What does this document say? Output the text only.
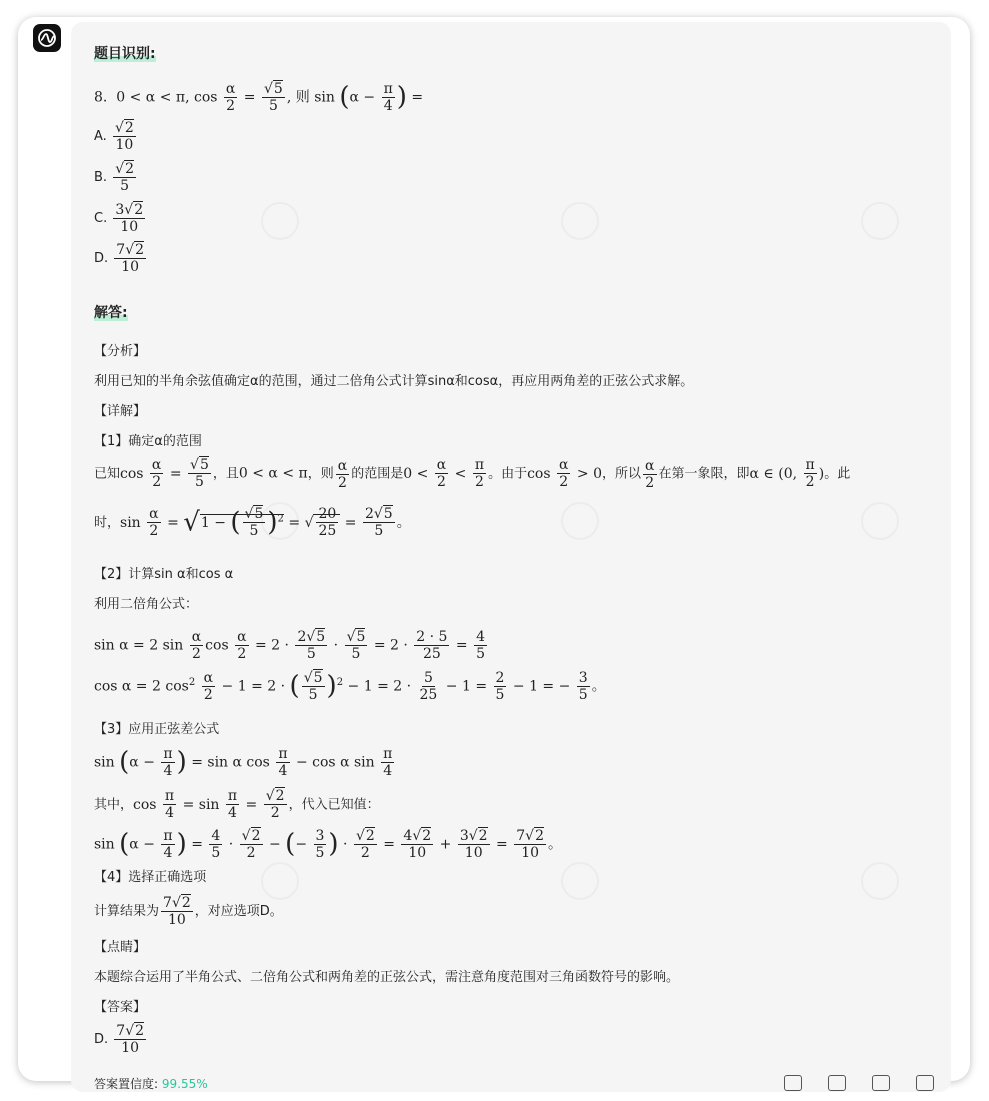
题目识别:
8.  0 < α < π, $\cos \frac{\alpha}{2} = \frac{√5}{5}$ , 则 $\sin (\alpha - \frac{\pi}{4}$ ) =
A. $\frac{√2}{10}$
B. $\frac{√2}{5}$
C. $\frac{3√2}{10}$
D. $\frac{7√2}{10}$
解答:
【分析】
利用已知的半角余弦值确定α的范围，通过二倍角公式计算sinα和cosα，再应用两角差的正弦公式求解。
【详解】
【1】确定α的范围
已知$\cos \frac{\alpha}{2} = \frac{√5}{5}$ ，且0 < α < π，则 $\frac{\alpha}{2}$ 的范围是$0 < \frac{\alpha}{2} < \frac{\pi}{2}$ 。由于$\cos \frac{\alpha}{2} > 0$，所以 $\frac{\alpha}{2}$ 在第一象限，即α ∈ (0, $\frac{\pi}{2}$ )。此
时，$\sin \frac{\alpha}{2} = √1$ − ( $\frac{√5}{5} )^2$ = √ $\frac{20}{25} = \frac{2√5}{5}$ 。
【2】计算sin α和cos α
利用二倍角公式：
sin α = 2 $\sin \frac{\alpha}{2}$ $\cos \frac{\alpha}{2} = 2 \cdot \frac{2√5}{5} \cdot \frac{√5}{5} = 2 \cdot \frac{2 \cdot 5}{25} = \frac{4}{5}$
cos α = 2 $\cos^2 \frac{\alpha}{2} - 1 = 2$ · ( $\frac{√5}{5} )^2 - 1 = 2 \cdot \frac{5}{25} - 1 = \frac{2}{5} - 1$ = − $\frac{3}{5}$ 。
【3】应用正弦差公式
$\sin (\alpha - \frac{\pi}{4}$ ) = sin α $\cos \frac{\pi}{4} - \cos \alpha$ $\sin \frac{\pi}{4}$
其中，$\cos \frac{\pi}{4} = \sin \frac{\pi}{4} = \frac{√2}{2}$ ，代入已知值：
$\sin (\alpha - \frac{\pi}{4}$ ) = $\frac{4}{5} \cdot \frac{√2}{2}$ − (− $\frac{3}{5}$ ) · $\frac{√2}{2} = \frac{4√2}{10} + \frac{3√2}{10} = \frac{7√2}{10}$ 。
【4】选择正确选项
计算结果为 $\frac{7√2}{10}$ ，对应选项D。
【点睛】
本题综合运用了半角公式、二倍角公式和两角差的正弦公式，需注意角度范围对三角函数符号的影响。
【答案】
D. $\frac{7√2}{10}$
答案置信度: 99.55%
